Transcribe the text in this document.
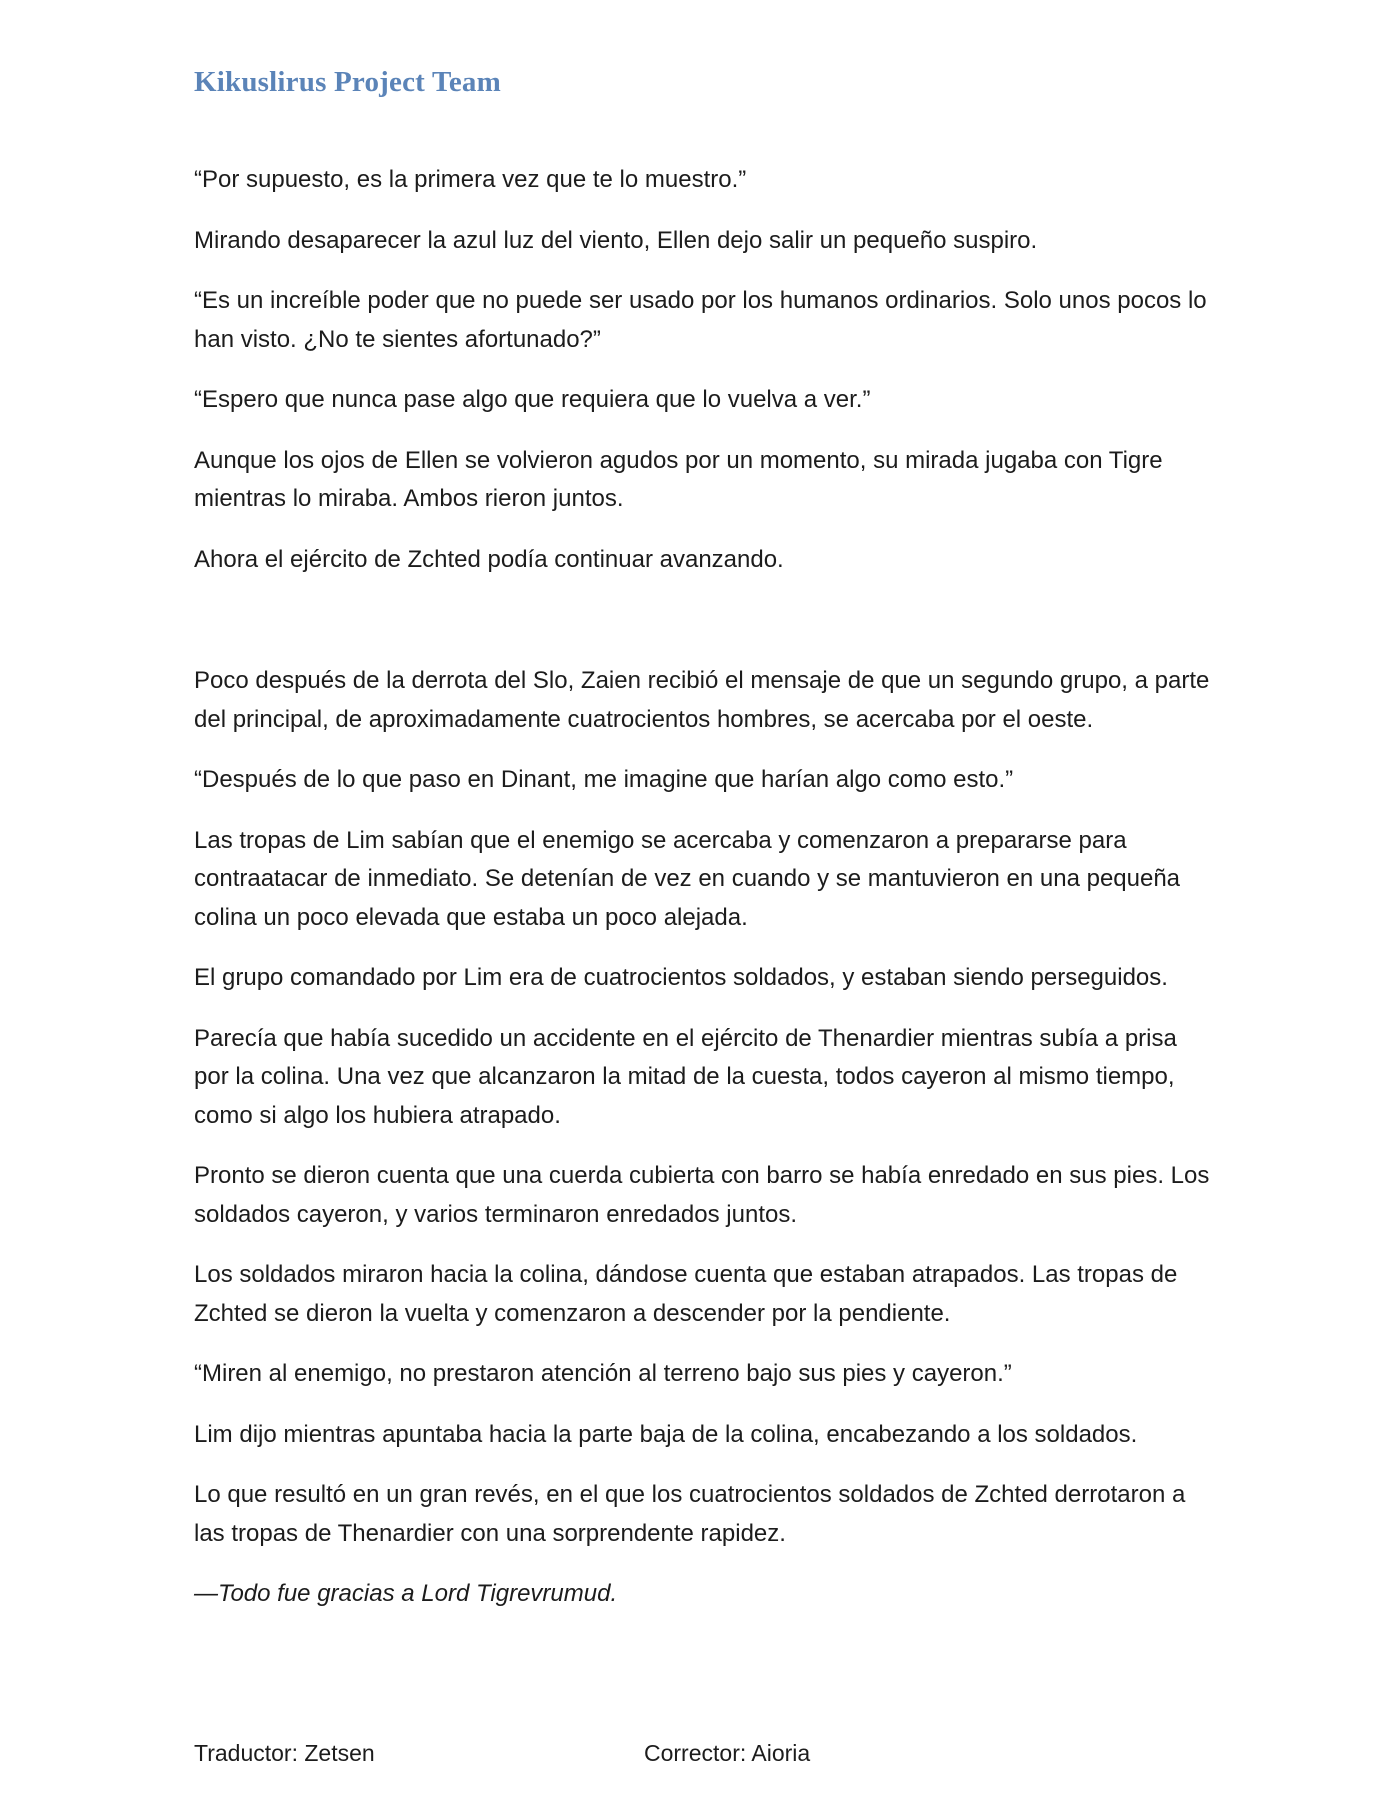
Kikuslirus Project Team

“Por supuesto, es la primera vez que te lo muestro.”

Mirando desaparecer la azul luz del viento, Ellen dejo salir un pequeño suspiro.

“Es un increíble poder que no puede ser usado por los humanos ordinarios. Solo unos pocos lo han visto. ¿No te sientes afortunado?”

“Espero que nunca pase algo que requiera que lo vuelva a ver.”

Aunque los ojos de Ellen se volvieron agudos por un momento, su mirada jugaba con Tigre mientras lo miraba. Ambos rieron juntos.

Ahora el ejército de Zchted podía continuar avanzando.

Poco después de la derrota del Slo, Zaien recibió el mensaje de que un segundo grupo, a parte del principal, de aproximadamente cuatrocientos hombres, se acercaba por el oeste.

“Después de lo que paso en Dinant, me imagine que harían algo como esto.”

Las tropas de Lim sabían que el enemigo se acercaba y comenzaron a prepararse para contraatacar de inmediato. Se detenían de vez en cuando y se mantuvieron en una pequeña colina un poco elevada que estaba un poco alejada.

El grupo comandado por Lim era de cuatrocientos soldados, y estaban siendo perseguidos.

Parecía que había sucedido un accidente en el ejército de Thenardier mientras subía a prisa por la colina. Una vez que alcanzaron la mitad de la cuesta, todos cayeron al mismo tiempo, como si algo los hubiera atrapado.

Pronto se dieron cuenta que una cuerda cubierta con barro se había enredado en sus pies. Los soldados cayeron, y varios terminaron enredados juntos.

Los soldados miraron hacia la colina, dándose cuenta que estaban atrapados. Las tropas de Zchted se dieron la vuelta y comenzaron a descender por la pendiente.

“Miren al enemigo, no prestaron atención al terreno bajo sus pies y cayeron.”

Lim dijo mientras apuntaba hacia la parte baja de la colina, encabezando a los soldados.

Lo que resultó en un gran revés, en el que los cuatrocientos soldados de Zchted derrotaron a las tropas de Thenardier con una sorprendente rapidez.

—Todo fue gracias a Lord Tigrevrumud.

Traductor: Zetsen	Corrector: Aioria
